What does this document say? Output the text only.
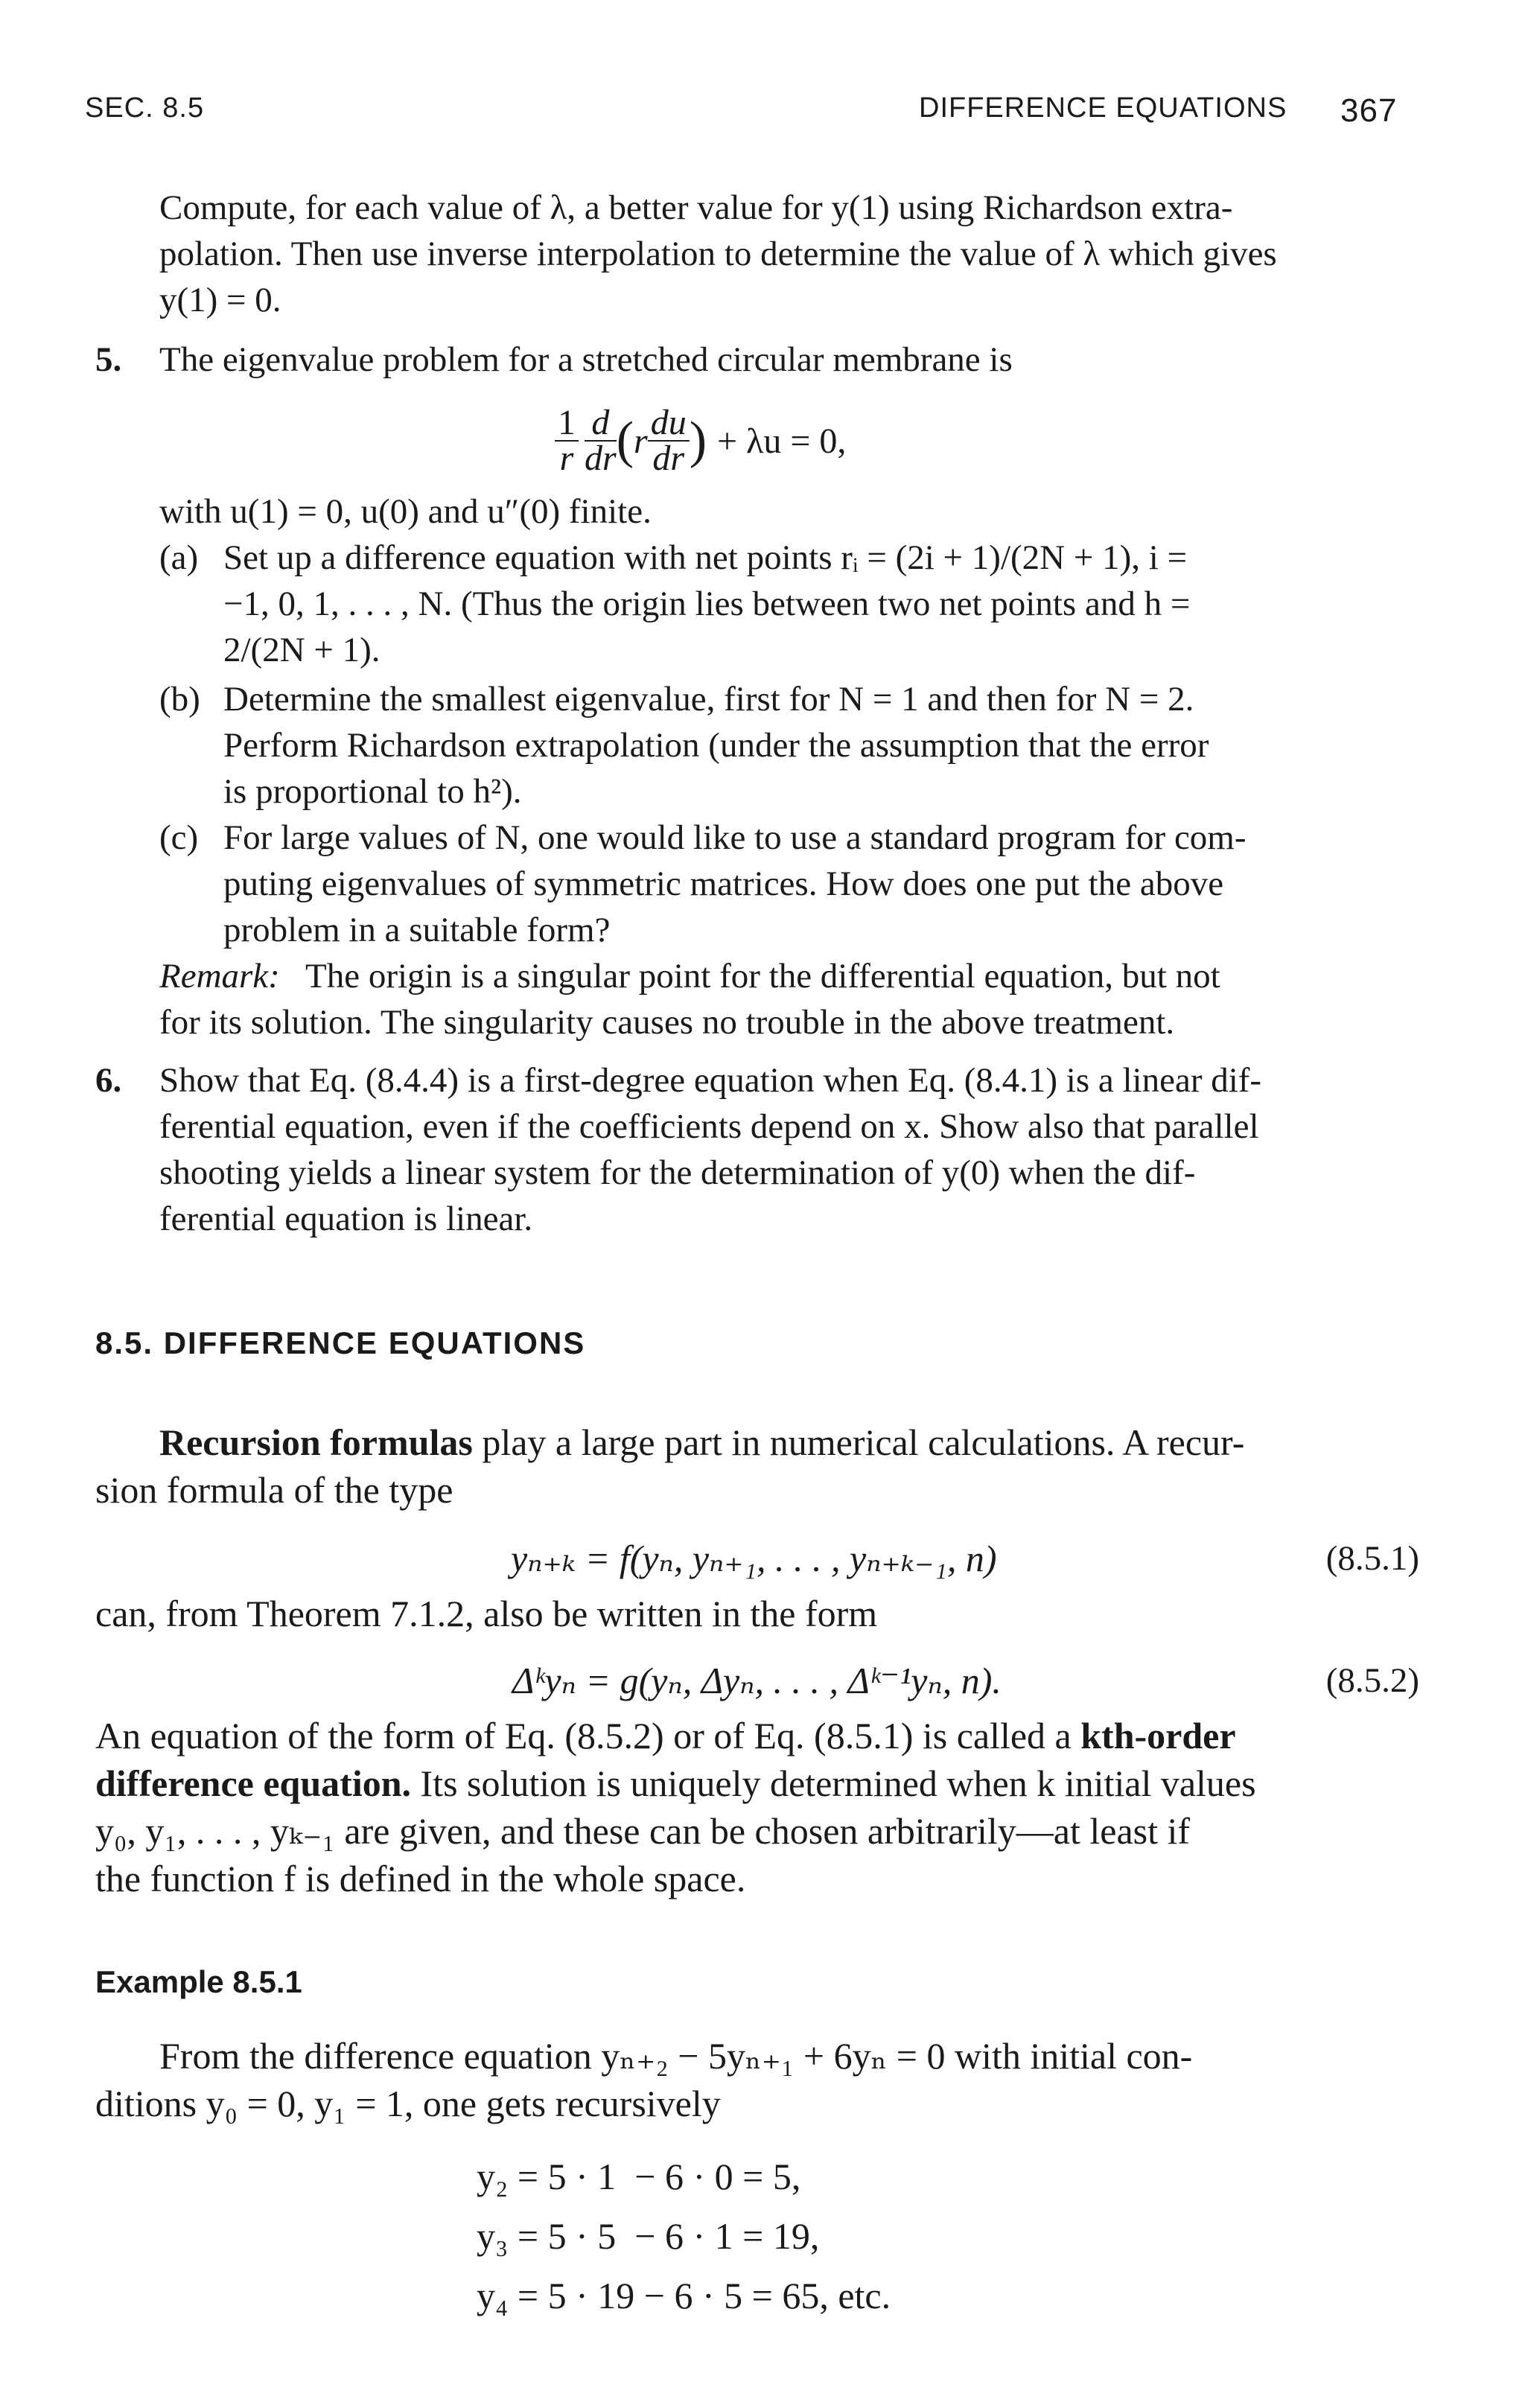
SEC. 8.5	DIFFERENCE EQUATIONS 367
Compute, for each value of λ, a better value for y(1) using Richardson extra-
polation. Then use inverse interpolation to determine the value of λ which gives
y(1) = 0.
5. The eigenvalue problem for a stretched circular membrane is
$\frac{1}{r} \frac{d}{dr}$ ( r $\frac{du}{dr}$ ) + λu = 0,
with u(1) = 0, u(0) and u″(0) finite.
(a) Set up a difference equation with net points rᵢ = (2i + 1)/(2N + 1), i =
−1, 0, 1, . . . , N. (Thus the origin lies between two net points and h =
2/(2N + 1).
(b) Determine the smallest eigenvalue, first for N = 1 and then for N = 2.
Perform Richardson extrapolation (under the assumption that the error
is proportional to h²).
(c) For large values of N, one would like to use a standard program for com-
puting eigenvalues of symmetric matrices. How does one put the above
problem in a suitable form?
Remark: The origin is a singular point for the differential equation, but not
for its solution. The singularity causes no trouble in the above treatment.
6. Show that Eq. (8.4.4) is a first-degree equation when Eq. (8.4.1) is a linear dif-
ferential equation, even if the coefficients depend on x. Show also that parallel
shooting yields a linear system for the determination of y(0) when the dif-
ferential equation is linear.
8.5. DIFFERENCE EQUATIONS
Recursion formulas play a large part in numerical calculations. A recur-
sion formula of the type
yₙ₊ₖ = f(yₙ, yₙ₊₁, . . . , yₙ₊ₖ₋₁, n)	(8.5.1)
can, from Theorem 7.1.2, also be written in the form
Δᵏyₙ = g(yₙ, Δyₙ, . . . , Δᵏ⁻¹yₙ, n).	(8.5.2)
An equation of the form of Eq. (8.5.2) or of Eq. (8.5.1) is called a kth-order
difference equation. Its solution is uniquely determined when k initial values
y₀, y₁, . . . , yₖ₋₁ are given, and these can be chosen arbitrarily—at least if
the function f is defined in the whole space.
Example 8.5.1
From the difference equation yₙ₊₂ − 5yₙ₊₁ + 6yₙ = 0 with initial con-
ditions y₀ = 0, y₁ = 1, one gets recursively
y₂ = 5 · 1  − 6 · 0 = 5,
y₃ = 5 · 5  − 6 · 1 = 19,
y₄ = 5 · 19 − 6 · 5 = 65, etc.
